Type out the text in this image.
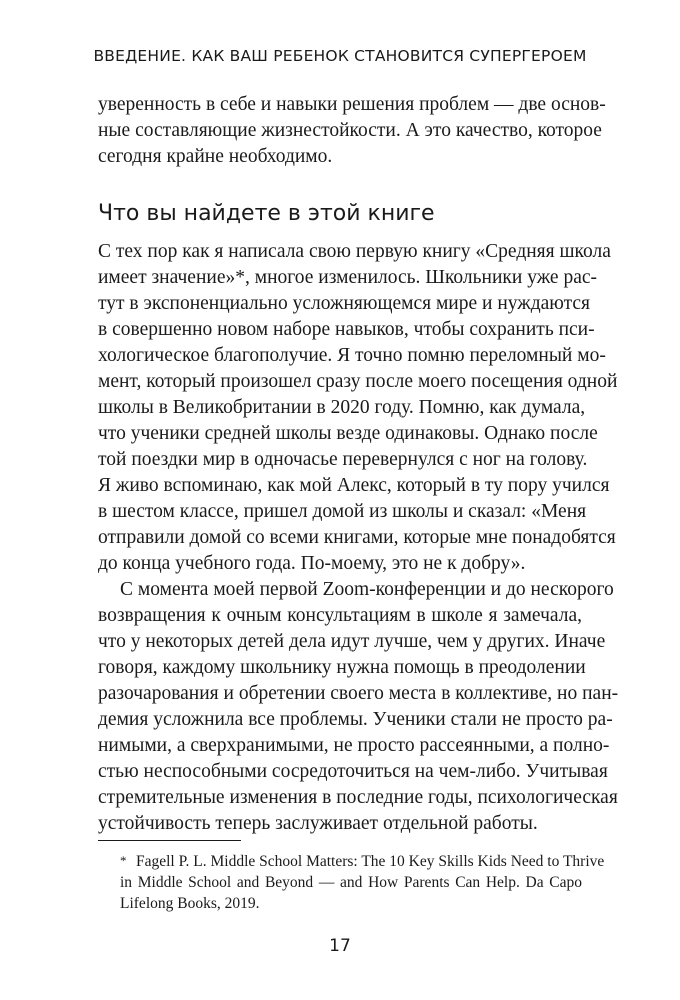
ВВЕДЕНИЕ. КАК ВАШ РЕБЕНОК СТАНОВИТСЯ СУПЕРГЕРОЕМ
уверенность в себе и навыки решения проблем — две основ-
ные составляющие жизнестойкости. А это качество, которое
сегодня крайне необходимо.
Что вы найдете в этой книге
С тех пор как я написала свою первую книгу «Средняя школа
имеет значение»*, многое изменилось. Школьники уже рас-
тут в экспоненциально усложняющемся мире и нуждаются
в совершенно новом наборе навыков, чтобы сохранить пси-
хологическое благополучие. Я точно помню переломный мо-
мент, который произошел сразу после моего посещения одной
школы в Великобритании в 2020 году. Помню, как думала,
что ученики средней школы везде одинаковы. Однако после
той поездки мир в одночасье перевернулся с ног на голову.
Я живо вспоминаю, как мой Алекс, который в ту пору учился
в шестом классе, пришел домой из школы и сказал: «Меня
отправили домой со всеми книгами, которые мне понадобятся
до конца учебного года. По-моему, это не к добру».
С момента моей первой Zoom-конференции и до нескорого
возвращения к очным консультациям в школе я замечала,
что у некоторых детей дела идут лучше, чем у других. Иначе
говоря, каждому школьнику нужна помощь в преодолении
разочарования и обретении своего места в коллективе, но пан-
демия усложнила все проблемы. Ученики стали не просто ра-
нимыми, а сверхранимыми, не просто рассеянными, а полно-
стью неспособными сосредоточиться на чем-либо. Учитывая
стремительные изменения в последние годы, психологическая
устойчивость теперь заслуживает отдельной работы.
* Fagell P. L. Middle School Matters: The 10 Key Skills Kids Need to Thrive
in Middle School and Beyond — and How Parents Can Help. Da Capo
Lifelong Books, 2019.
17
